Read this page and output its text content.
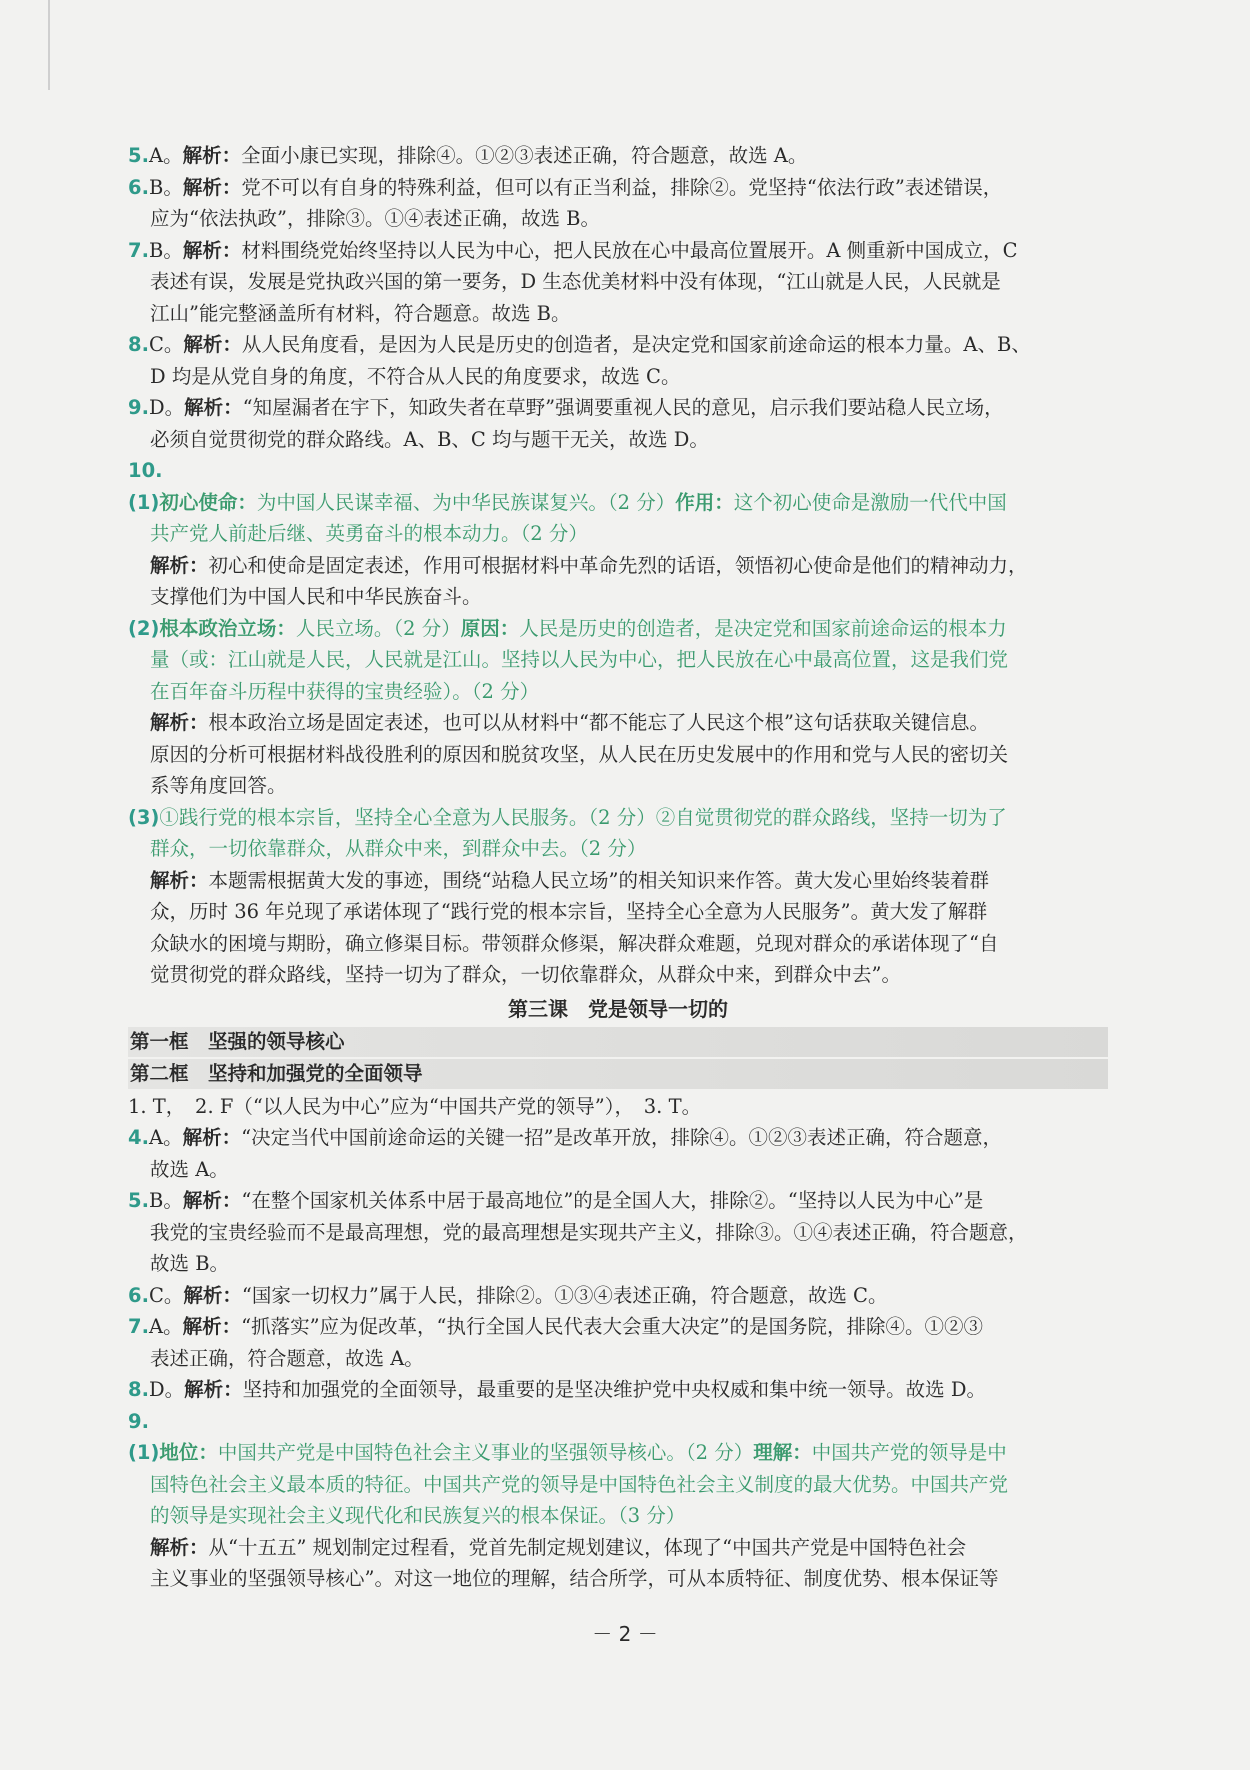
5.A。解析：全面小康已实现，排除④。①②③表述正确，符合题意，故选 A。
6.B。解析：党不可以有自身的特殊利益，但可以有正当利益，排除②。党坚持“依法行政”表述错误，
应为“依法执政”，排除③。①④表述正确，故选 B。
7.B。解析：材料围绕党始终坚持以人民为中心，把人民放在心中最高位置展开。A 侧重新中国成立，C
表述有误，发展是党执政兴国的第一要务，D 生态优美材料中没有体现，“江山就是人民，人民就是
江山”能完整涵盖所有材料，符合题意。故选 B。
8.C。解析：从人民角度看，是因为人民是历史的创造者，是决定党和国家前途命运的根本力量。A、B、
D 均是从党自身的角度，不符合从人民的角度要求，故选 C。
9.D。解析：“知屋漏者在宇下，知政失者在草野”强调要重视人民的意见，启示我们要站稳人民立场，
必须自觉贯彻党的群众路线。A、B、C 均与题干无关，故选 D。
10.
(1)初心使命：为中国人民谋幸福、为中华民族谋复兴。（2 分）作用：这个初心使命是激励一代代中国
共产党人前赴后继、英勇奋斗的根本动力。（2 分）
解析：初心和使命是固定表述，作用可根据材料中革命先烈的话语，领悟初心使命是他们的精神动力，
支撑他们为中国人民和中华民族奋斗。
(2)根本政治立场：人民立场。（2 分）原因：人民是历史的创造者，是决定党和国家前途命运的根本力
量（或：江山就是人民，人民就是江山。坚持以人民为中心，把人民放在心中最高位置，这是我们党
在百年奋斗历程中获得的宝贵经验）。（2 分）
解析：根本政治立场是固定表述，也可以从材料中“都不能忘了人民这个根”这句话获取关键信息。
原因的分析可根据材料战役胜利的原因和脱贫攻坚，从人民在历史发展中的作用和党与人民的密切关
系等角度回答。
(3)①践行党的根本宗旨，坚持全心全意为人民服务。（2 分）②自觉贯彻党的群众路线，坚持一切为了
群众，一切依靠群众，从群众中来，到群众中去。（2 分）
解析：本题需根据黄大发的事迹，围绕“站稳人民立场”的相关知识来作答。黄大发心里始终装着群
众，历时 36 年兑现了承诺体现了“践行党的根本宗旨，坚持全心全意为人民服务”。黄大发了解群
众缺水的困境与期盼，确立修渠目标。带领群众修渠，解决群众难题，兑现对群众的承诺体现了“自
觉贯彻党的群众路线，坚持一切为了群众，一切依靠群众，从群众中来，到群众中去”。
第三课　党是领导一切的
第一框　坚强的领导核心
第二框　坚持和加强党的全面领导
1. T，　2. F（“以人民为中心”应为“中国共产党的领导”），　3. T。
4.A。解析：“决定当代中国前途命运的关键一招”是改革开放，排除④。①②③表述正确，符合题意，
故选 A。
5.B。解析：“在整个国家机关体系中居于最高地位”的是全国人大，排除②。“坚持以人民为中心”是
我党的宝贵经验而不是最高理想，党的最高理想是实现共产主义，排除③。①④表述正确，符合题意，
故选 B。
6.C。解析：“国家一切权力”属于人民，排除②。①③④表述正确，符合题意，故选 C。
7.A。解析：“抓落实”应为促改革，“执行全国人民代表大会重大决定”的是国务院，排除④。①②③
表述正确，符合题意，故选 A。
8.D。解析：坚持和加强党的全面领导，最重要的是坚决维护党中央权威和集中统一领导。故选 D。
9.
(1)地位：中国共产党是中国特色社会主义事业的坚强领导核心。（2 分）理解：中国共产党的领导是中
国特色社会主义最本质的特征。中国共产党的领导是中国特色社会主义制度的最大优势。中国共产党
的领导是实现社会主义现代化和民族复兴的根本保证。（3 分）
解析：从“十五五” 规划制定过程看，党首先制定规划建议，体现了“中国共产党是中国特色社会
主义事业的坚强领导核心”。对这一地位的理解，结合所学，可从本质特征、制度优势、根本保证等
－ 2 －
